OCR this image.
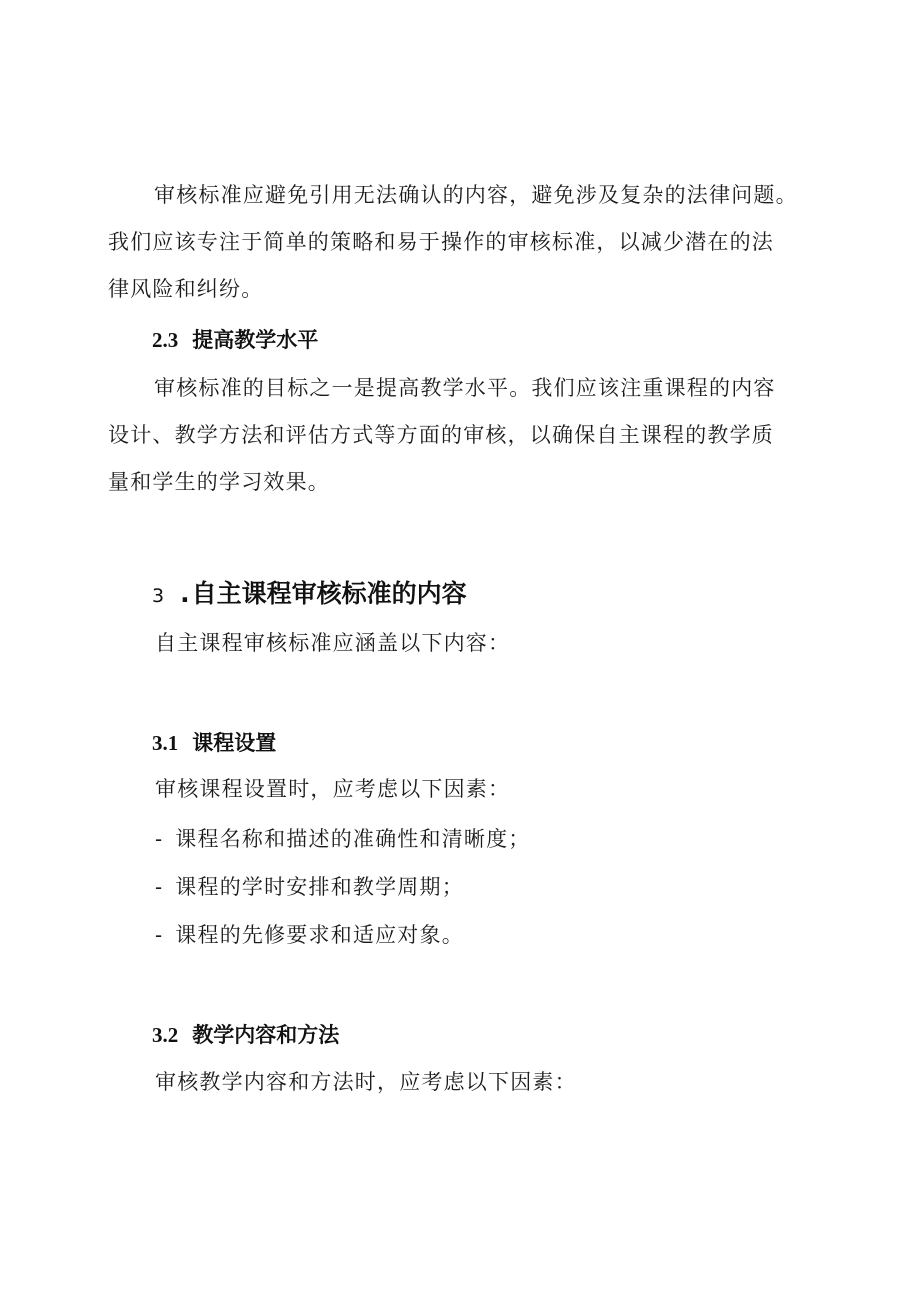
审核标准应避免引用无法确认的内容，避免涉及复杂的法律问题。
我们应该专注于简单的策略和易于操作的审核标准，以减少潜在的法
律风险和纠纷。

2.3 提高教学水平

审核标准的目标之一是提高教学水平。我们应该注重课程的内容
设计、教学方法和评估方式等方面的审核，以确保自主课程的教学质
量和学生的学习效果。

3 .自主课程审核标准的内容

自主课程审核标准应涵盖以下内容：

3.1 课程设置

审核课程设置时，应考虑以下因素：

- 课程名称和描述的准确性和清晰度；

- 课程的学时安排和教学周期；

- 课程的先修要求和适应对象。

3.2 教学内容和方法

审核教学内容和方法时，应考虑以下因素：
